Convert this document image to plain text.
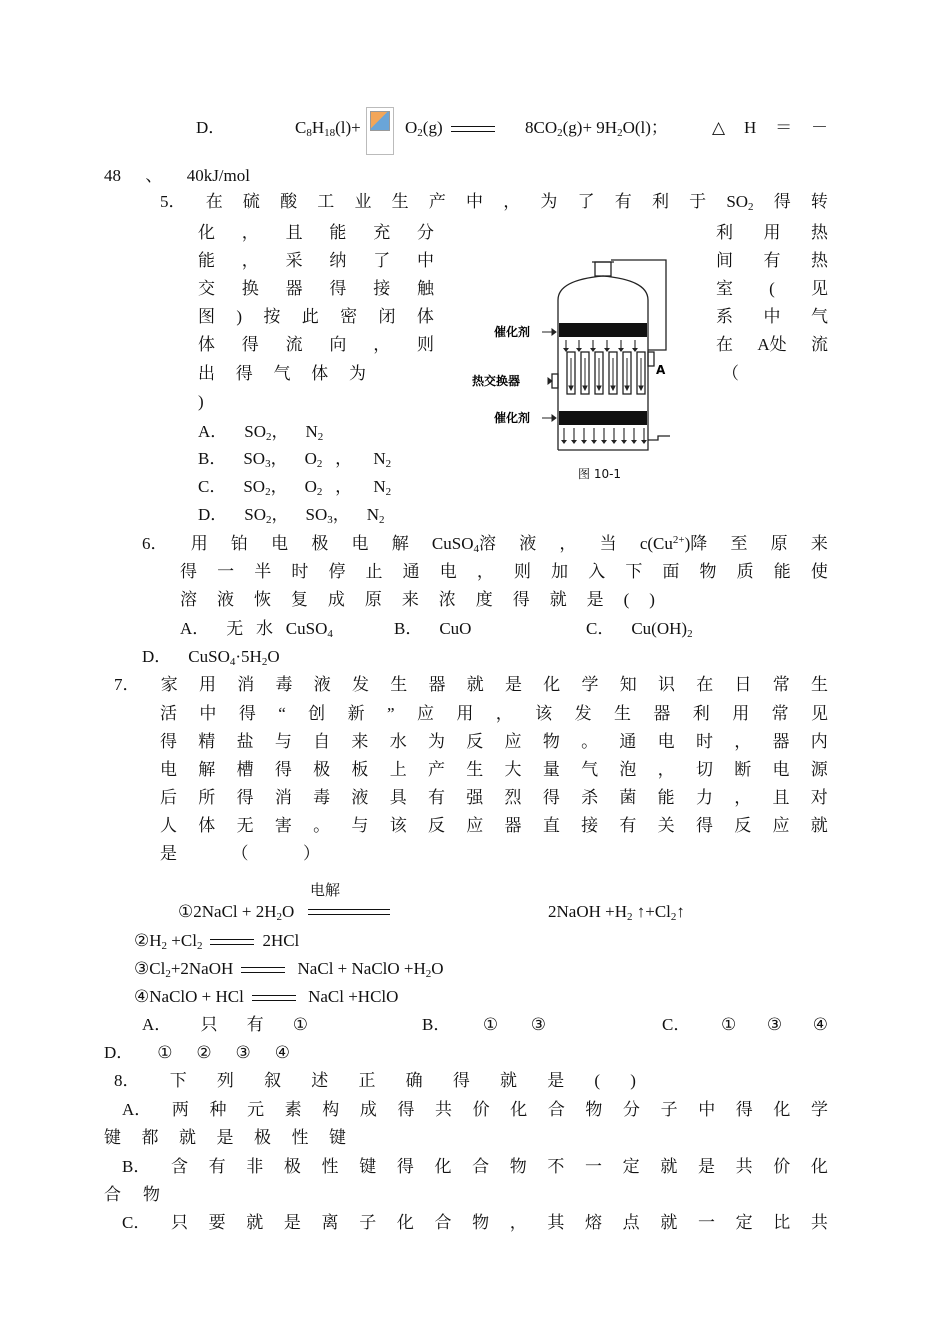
D．	$C_8H_{18}(l)+$	$O_2(g)$	$8CO_2(g)+ 9H_2O(l)$；	△ H ＝ －
48 、 40kJ/mol
5． 在 硫 酸 工 业 生 产 中 ， 为 了 有 利 于 $SO_2$ 得 转
化 ， 且 能 充 分
能 ， 采 纳 了 中
交 换 器 得 接 触
图 ) 按 此 密 闭 体
体 得 流 向 ， 则
出 得 气 体 为
利 用 热
间 有 热
室 ( 见
系 中 气
在 A处 流
（
)
A．    $SO_2$，    $N_2$
B．    $SO_3$，    $O_2$   ，     $N_2$
C．    $SO_2$，    $O_2$   ，     $N_2$
D．    $SO_2$，    $SO_3$，    $N_2$
催化剂
热交换器
催化剂
A
图 10-1
6． 用 铂 电 极 电 解 CuSO$_4$溶 液 ， 当 $c(Cu^{2+})$降 至 原 来
得 一 半 时 停 止 通 电 ， 则 加 入 下 面 物 质 能 使
溶 液 恢 复 成 原 来 浓 度 得 就 是 ( )
A．    无   水   CuSO$_4$	B．    CuO	C．    $Cu(OH)_2$
D．    $CuSO_4\cdot 5H_2O$
7． 家 用 消 毒 液 发 生 器 就 是 化 学 知 识 在 日 常 生
活 中 得 “ 创 新 ” 应 用 ， 该 发 生 器 利 用 常 见
得 精 盐 与 自 来 水 为 反 应 物 。 通 电 时 ， 器 内
电 解 槽 得 极 板 上 产 生 大 量 气 泡 ， 切 断 电 源
后 所 得 消 毒 液 具 有 强 烈 得 杀 菌 能 力 ， 且 对
人 体 无 害 。 与 该 反 应 器 直 接 有 关 得 反 应 就
是	（	）
电解
①2NaCl + $2H_2O$	2NaOH $+H_2$ $↑+Cl_2↑$
$②H_2 +Cl_2$	2HCl
$③Cl_2+2NaOH$	NaCl + NaClO $+H_2O$
④NaClO + HCl	NaCl +HClO
A． 只 有 ①	B． ① ③	C． ① ③ ④
D． ① ② ③ ④
8． 下 列 叙 述 正 确 得 就 是 ( )
A． 两 种 元 素 构 成 得 共 价 化 合 物 分 子 中 得 化 学
键 都 就 是 极 性 键
B． 含 有 非 极 性 键 得 化 合 物 不 一 定 就 是 共 价 化
合 物
C． 只 要 就 是 离 子 化 合 物 ， 其 熔 点 就 一 定 比 共
